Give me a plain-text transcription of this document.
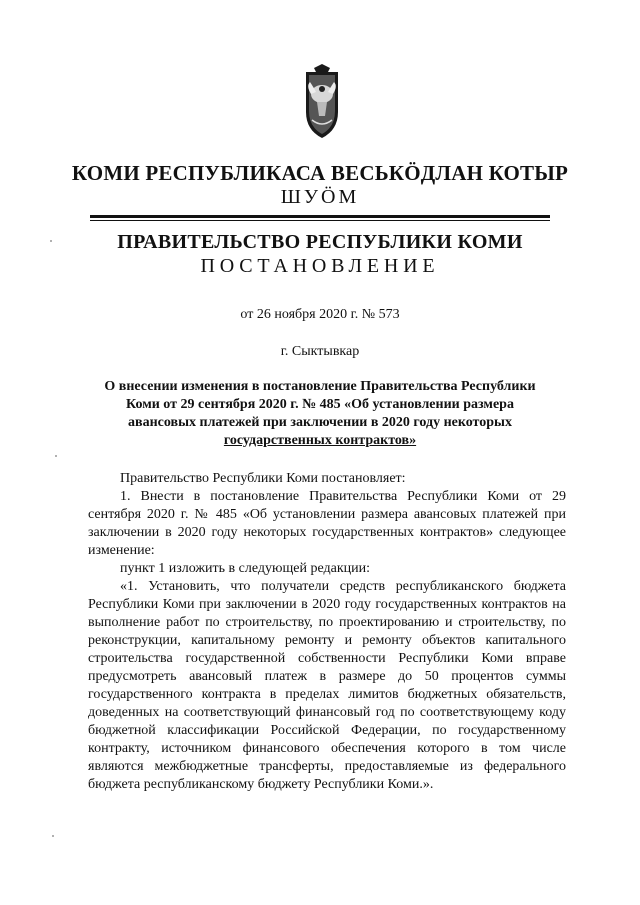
КОМИ РЕСПУБЛИКАСА ВЕСЬКӦДЛАН КОТЫР
ШУӦМ
ПРАВИТЕЛЬСТВО РЕСПУБЛИКИ КОМИ
ПОСТАНОВЛЕНИЕ
от 26 ноября 2020 г. № 573
г. Сыктывкар
О внесении изменения в постановление Правительства Республики
Коми от 29 сентября 2020 г. № 485 «Об установлении размера
авансовых платежей при заключении в 2020 году некоторых
государственных контрактов»

Правительство Республики Коми постановляет:

1. Внести в постановление Правительства Республики Коми от 29 сентября 2020 г. № 485 «Об установлении размера авансовых платежей при заключении в 2020 году некоторых государственных контрактов» следующее изменение:

пункт 1 изложить в следующей редакции:

«1. Установить, что получатели средств республиканского бюджета Республики Коми при заключении в 2020 году государственных контрактов на выполнение работ по строительству, по проектированию и строительству, по реконструкции, капитальному ремонту и ремонту объектов капитального строительства государственной собственности Республики Коми вправе предусмотреть авансовый платеж в размере до 50 процентов суммы государственного контракта в пределах лимитов бюджетных обязательств, доведенных на соответствующий финансовый год по соответствующему коду бюджетной классификации Российской Федерации, по государственному контракту, источником финансового обеспечения которого в том числе являются межбюджетные трансферты, предоставляемые из федерального бюджета республиканскому бюджету Республики Коми.».
